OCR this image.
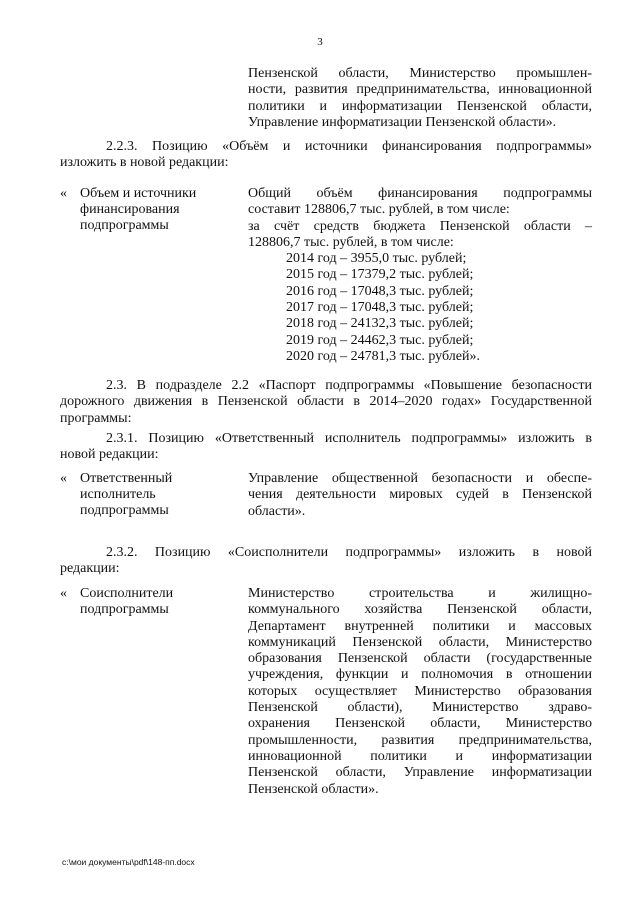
3

Пензенской области, Министерство промышлен-

ности, развития предпринимательства, инновационной

политики и информатизации Пензенской области,

Управление информатизации Пензенской области».

2.2.3. Позицию «Объём и источники финансирования подпрограммы»

изложить в новой редакции:

« Объем и источники
финансирования
подпрограммы

Общий объём финансирования подпрограммы

составит 128806,7 тыс. рублей, в том числе:

за счёт средств бюджета Пензенской области –

128806,7 тыс. рублей, в том числе:

2014 год – 3955,0 тыс. рублей;

2015 год – 17379,2 тыс. рублей;

2016 год – 17048,3 тыс. рублей;

2017 год – 17048,3 тыс. рублей;

2018 год – 24132,3 тыс. рублей;

2019 год – 24462,3 тыс. рублей;

2020 год – 24781,3 тыс. рублей».

2.3. В подразделе 2.2 «Паспорт подпрограммы «Повышение безопасности

дорожного движения в Пензенской области в 2014–2020 годах» Государственной

программы:

2.3.1. Позицию «Ответственный исполнитель подпрограммы» изложить в

новой редакции:

« Ответственный
исполнитель
подпрограммы

Управление общественной безопасности и обеспе-

чения деятельности мировых судей в Пензенской

области».

2.3.2. Позицию «Соисполнители подпрограммы» изложить в новой

редакции:

« Соисполнители
подпрограммы

Министерство строительства и жилищно-

коммунального хозяйства Пензенской области,

Департамент внутренней политики и массовых

коммуникаций Пензенской области, Министерство

образования Пензенской области (государственные

учреждения, функции и полномочия в отношении

которых осуществляет Министерство образования

Пензенской области), Министерство здраво-

охранения Пензенской области, Министерство

промышленности, развития предпринимательства,

инновационной политики и информатизации

Пензенской области, Управление информатизации

Пензенской области».

c:\мои документы\pdf\148-пп.docx
